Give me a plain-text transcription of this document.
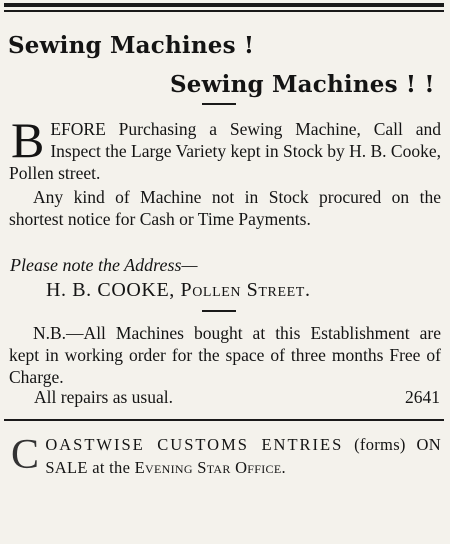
Sewing Machines !
Sewing Machines ! !
B EFORE Purchasing a Sewing Machine, Call and Inspect the Large Variety kept in Stock by H. B. Cooke, Pollen street.
Any kind of Machine not in Stock procured on the shortest notice for Cash or Time Payments.
Please note the Address—
H. B. COOKE, Pollen Street.
N.B.—All Machines bought at this Establishment are kept in working order for the space of three months Free of Charge.
All repairs as usual.	2641
C OASTWISE CUSTOMS ENTRIES (forms) ON SALE at the Evening Star Office.
